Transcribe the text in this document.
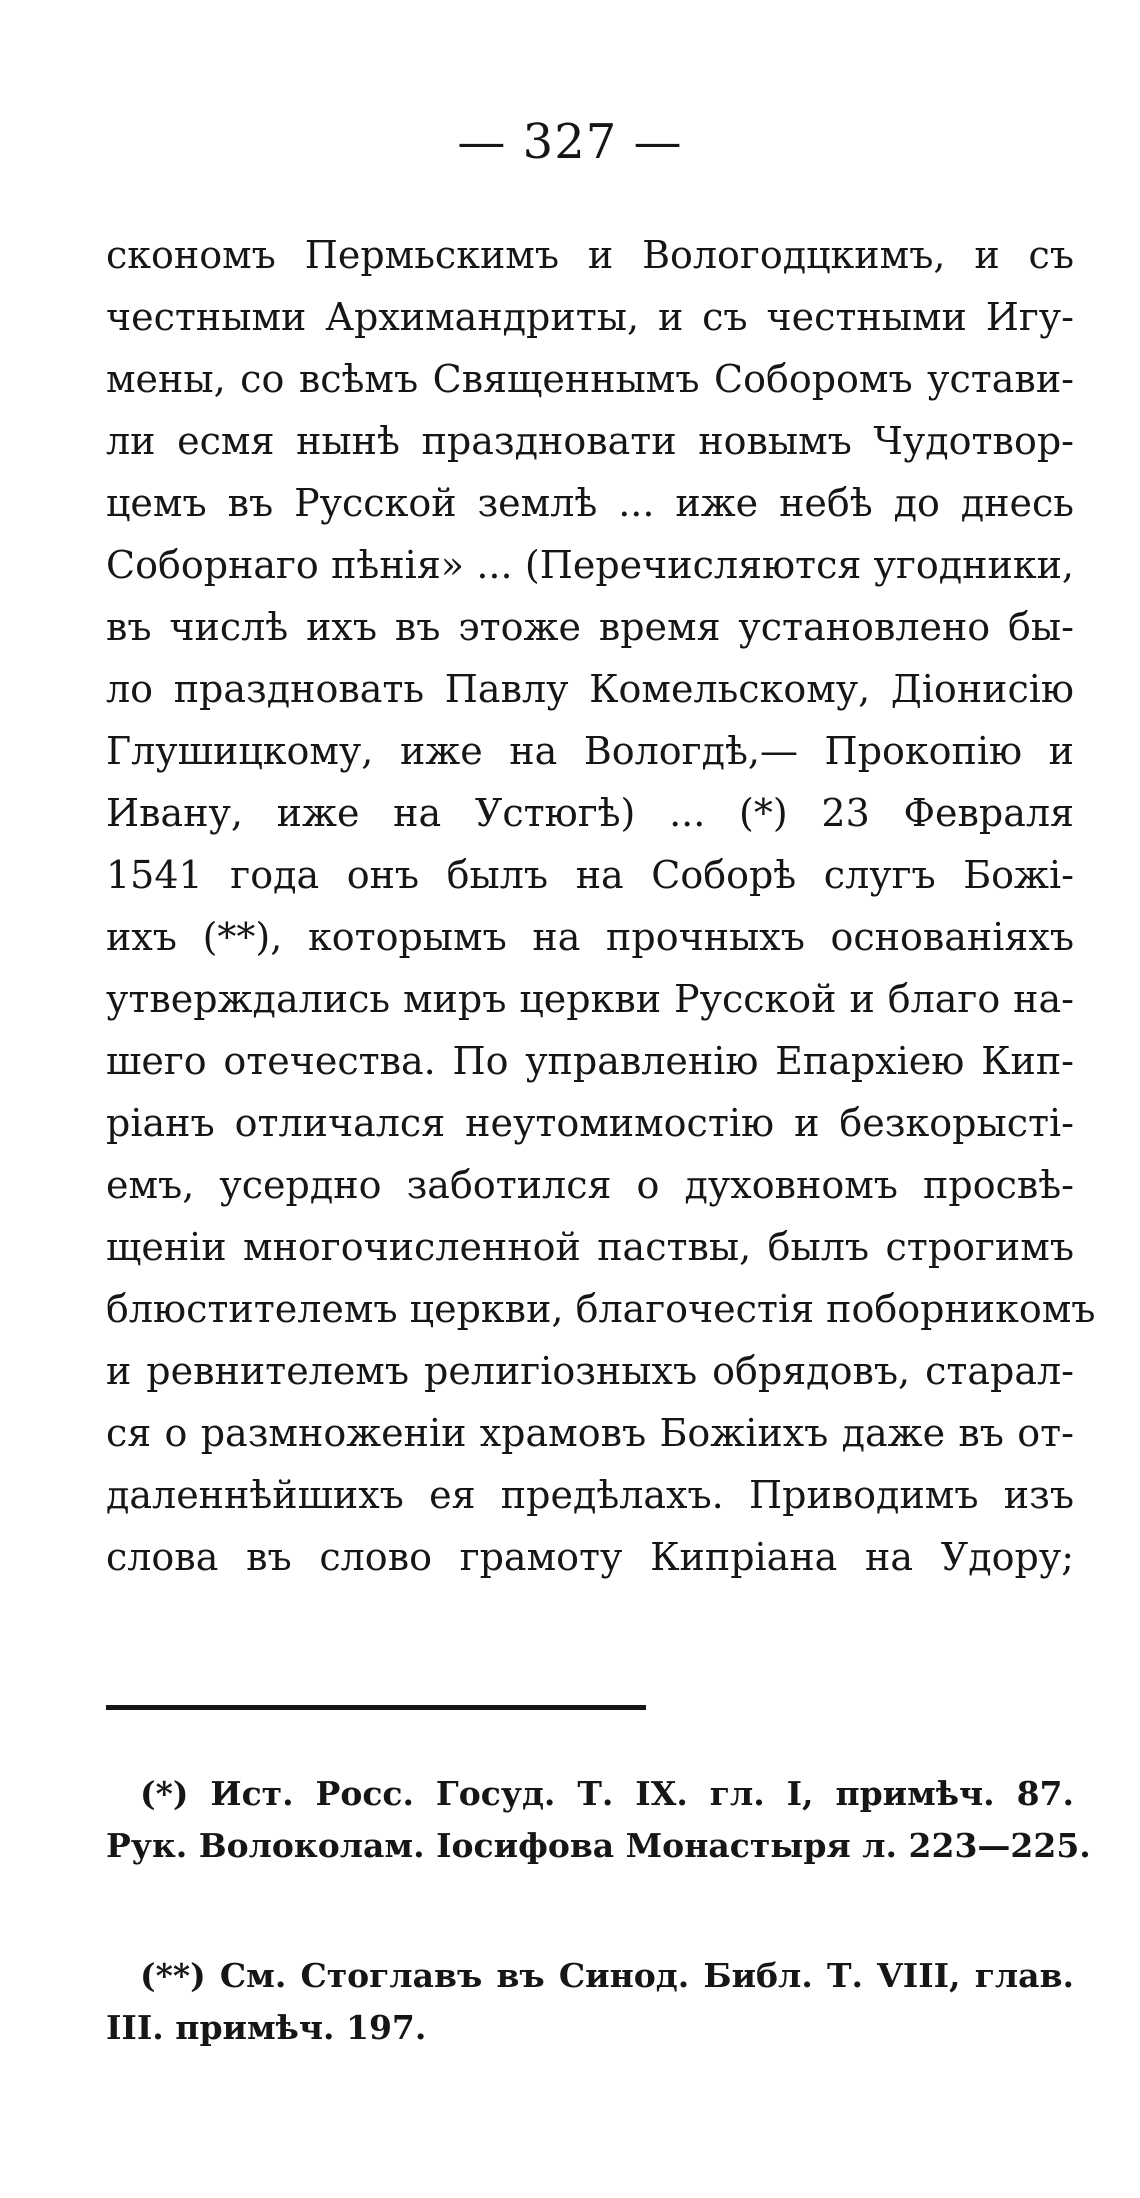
— 327 —
скономъ Пермьскимъ и Вологодцкимъ, и съ
честными Архимандриты, и съ честными Игу-
мены, со всѣмъ Священнымъ Соборомъ устави-
ли есмя нынѣ праздновати новымъ Чудотвор-
цемъ въ Русской землѣ ... иже небѣ до днесь
Соборнаго пѣнія» ... (Перечисляются угодники,
въ числѣ ихъ въ этоже время установлено бы-
ло праздновать Павлу Комельскому, Діонисію
Глушицкому, иже на Вологдѣ,— Прокопію и
Ивану, иже на Устюгѣ) ... (*) 23 Февраля
1541 года онъ былъ на Соборѣ слугъ Божі-
ихъ (**), которымъ на прочныхъ основаніяхъ
утверждались миръ церкви Русской и благо на-
шего отечества. По управленію Епархіею Кип-
ріанъ отличался неутомимостію и безкорысті-
емъ, усердно заботился о духовномъ просвѣ-
щеніи многочисленной паствы, былъ строгимъ
блюстителемъ церкви, благочестія поборникомъ
и ревнителемъ религіозныхъ обрядовъ, старал-
ся о размноженіи храмовъ Божіихъ даже въ от-
даленнѣйшихъ ея предѣлахъ. Приводимъ изъ
слова въ слово грамоту Кипріана на Удору;
(*) Ист. Росс. Госуд. Т. IX. гл. I, примѣч. 87.
Рук. Волоколам. Іосифова Монастыря л. 223—225.
(**) См. Стоглавъ въ Синод. Библ. Т. VIII, глав.
III. примѣч. 197.
